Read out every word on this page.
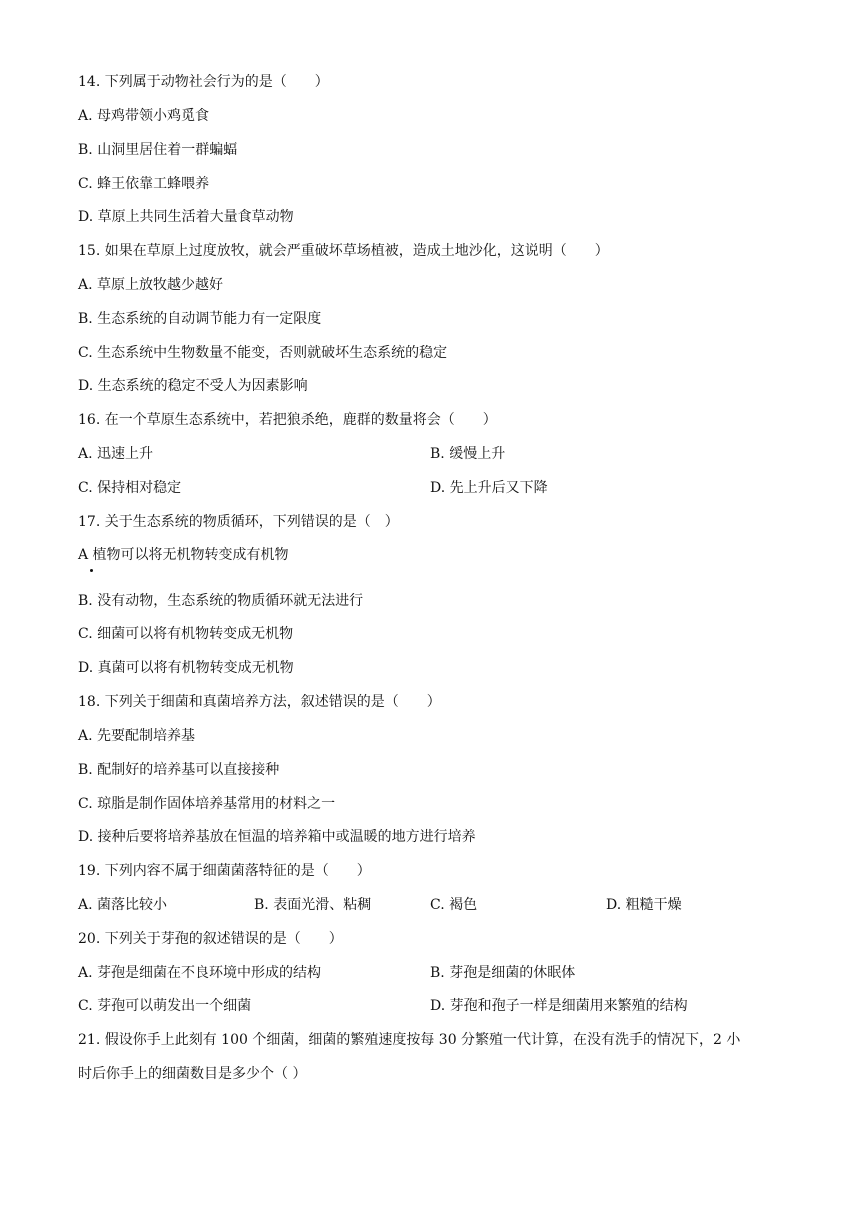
14. 下列属于动物社会行为的是（　　）
A. 母鸡带领小鸡觅食
B. 山洞里居住着一群蝙蝠
C. 蜂王依靠工蜂喂养
D. 草原上共同生活着大量食草动物
15. 如果在草原上过度放牧，就会严重破坏草场植被，造成土地沙化，这说明（　　）
A. 草原上放牧越少越好
B. 生态系统的自动调节能力有一定限度
C. 生态系统中生物数量不能变，否则就破坏生态系统的稳定
D. 生态系统的稳定不受人为因素影响
16. 在一个草原生态系统中，若把狼杀绝，鹿群的数量将会（　　）
A. 迅速上升	B. 缓慢上升
C. 保持相对稳定	D. 先上升后又下降
17. 关于生态系统的物质循环，下列错误的是（　）
A 植物可以将无机物转变成有机物
B. 没有动物，生态系统的物质循环就无法进行
C. 细菌可以将有机物转变成无机物
D. 真菌可以将有机物转变成无机物
18. 下列关于细菌和真菌培养方法，叙述错误的是（　　）
A. 先要配制培养基
B. 配制好的培养基可以直接接种
C. 琼脂是制作固体培养基常用的材料之一
D. 接种后要将培养基放在恒温的培养箱中或温暖的地方进行培养
19. 下列内容不属于细菌菌落特征的是（　　）
A. 菌落比较小	B. 表面光滑、粘稠	C. 褐色	D. 粗糙干燥
20. 下列关于芽孢的叙述错误的是（　　）
A. 芽孢是细菌在不良环境中形成的结构	B. 芽孢是细菌的休眠体
C. 芽孢可以萌发出一个细菌	D. 芽孢和孢子一样是细菌用来繁殖的结构
21. 假设你手上此刻有 100 个细菌，细菌的繁殖速度按每 30 分繁殖一代计算，在没有洗手的情况下，2 小
时后你手上的细菌数目是多少个（ ）
